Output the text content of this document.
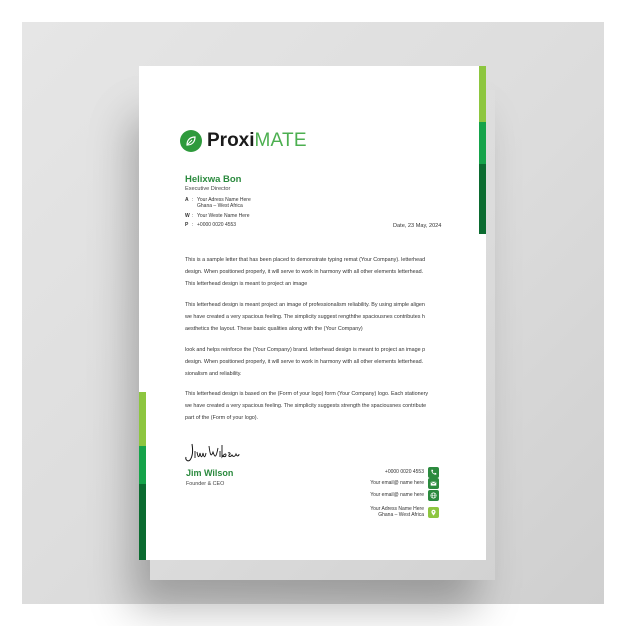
ProxiMATE
Helixwa Bon
Executive Director
A : Your Adress Name Here
Ghana – West Africa
W : Your Weste Name Here
P : +0000 0020 4553	Date, 23 May, 2024
This is a sample letter that has been placed to demonstrate typing remat (Your Company). letterhead
design. When positioned properly, it will serve to work in harmony with all other elements letterhead.
This letterhead design is meant to project an image
This letterhead design is meant project an image of professionalism reliability. By using simple aligen
we have created a very spacious feeling. The simplicity suggest rengththe spaciousnes contributes h
aesthetics the layout. These basic qualities along with the (Your Company)
look and helps reinforce the (Your Company) brand. letterhead design is meant to project an image p
design. When positioned properly, it will serve to work in harmony with all other elements letterhead.
sionalism and reliability.
This letterhead design is based on the (Form of your logo) form (Your Company) logo. Each stationery
we have created a very spacious feeling. The simplicity suggests strength the spaciousnes contribute
part of the (Form of your logo).
Jim Wilson
Founder & CEO
+0000 0020 4553
Your email@ name here
Your email@ name here
Your Adress Name Here
Ghana – West Africa
